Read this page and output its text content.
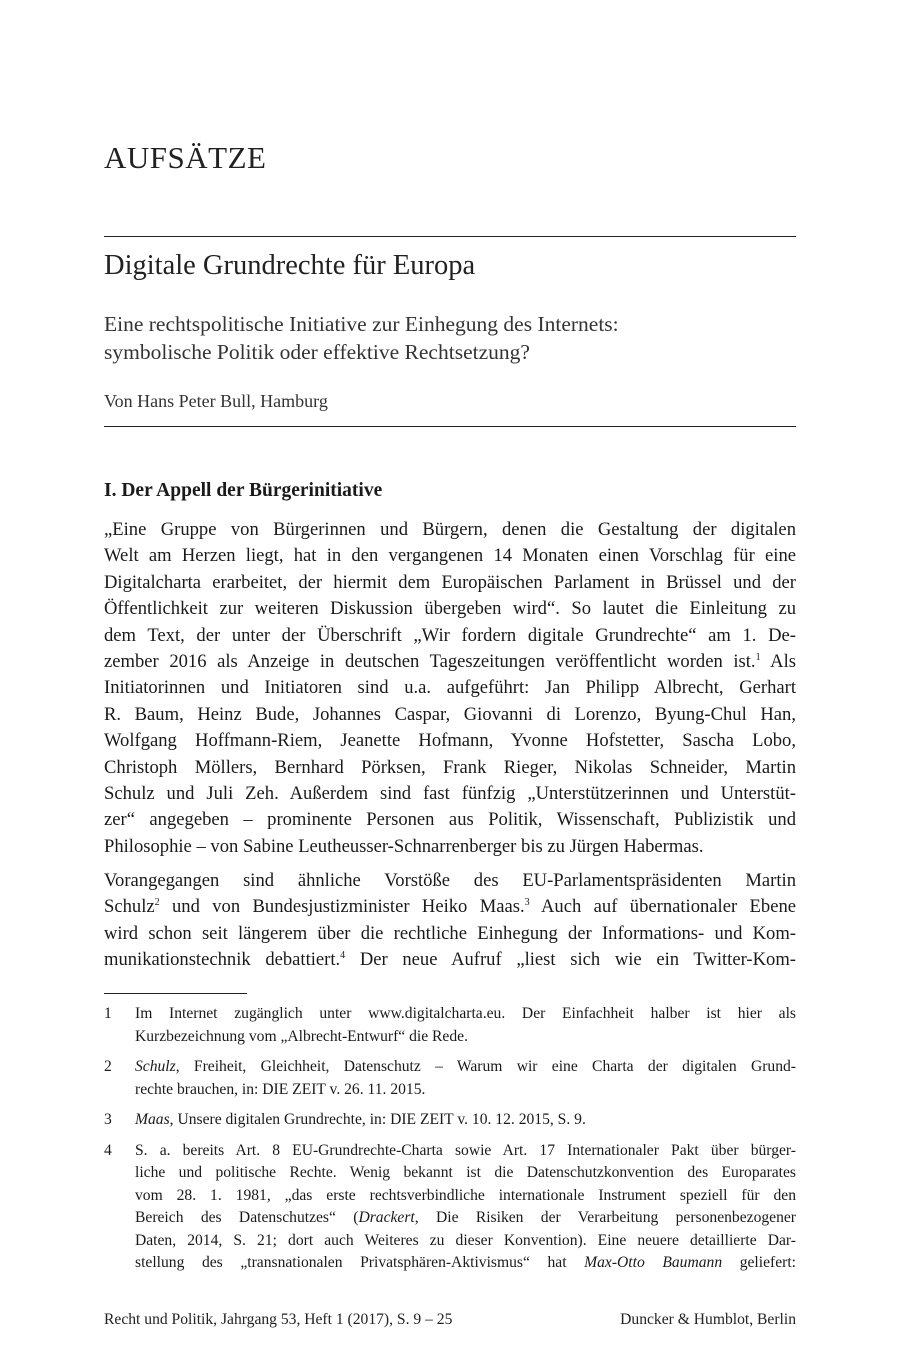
AUFSÄTZE
Digitale Grundrechte für Europa

Eine rechtspolitische Initiative zur Einhegung des Internets:
symbolische Politik oder effektive Rechtsetzung?

Von Hans Peter Bull, Hamburg

I. Der Appell der Bürgerinitiative

„Eine Gruppe von Bürgerinnen und Bürgern, denen die Gestaltung der digitalen
Welt am Herzen liegt, hat in den vergangenen 14 Monaten einen Vorschlag für eine
Digitalcharta erarbeitet, der hiermit dem Europäischen Parlament in Brüssel und der
Öffentlichkeit zur weiteren Diskussion übergeben wird“. So lautet die Einleitung zu
dem Text, der unter der Überschrift „Wir fordern digitale Grundrechte“ am 1. De-
zember 2016 als Anzeige in deutschen Tageszeitungen veröffentlicht worden ist.$^1$ Als
Initiatorinnen und Initiatoren sind u.a. aufgeführt: Jan Philipp Albrecht, Gerhart
R. Baum, Heinz Bude, Johannes Caspar, Giovanni di Lorenzo, Byung-Chul Han,
Wolfgang Hoffmann-Riem, Jeanette Hofmann, Yvonne Hofstetter, Sascha Lobo,
Christoph Möllers, Bernhard Pörksen, Frank Rieger, Nikolas Schneider, Martin
Schulz und Juli Zeh. Außerdem sind fast fünfzig „Unterstützerinnen und Unterstüt-
zer“ angegeben – prominente Personen aus Politik, Wissenschaft, Publizistik und
Philosophie – von Sabine Leutheusser-Schnarrenberger bis zu Jürgen Habermas.

Vorangegangen sind ähnliche Vorstöße des EU-Parlamentspräsidenten Martin
Schulz$^2$ und von Bundesjustizminister Heiko Maas.$^3$ Auch auf übernationaler Ebene
wird schon seit längerem über die rechtliche Einhegung der Informations- und Kom-
munikationstechnik debattiert.$^4$ Der neue Aufruf „liest sich wie ein Twitter-Kom-

1 Im Internet zugänglich unter www.digitalcharta.eu. Der Einfachheit halber ist hier als
Kurzbezeichnung vom „Albrecht-Entwurf“ die Rede.
2 Schulz, Freiheit, Gleichheit, Datenschutz – Warum wir eine Charta der digitalen Grund-
rechte brauchen, in: DIE ZEIT v. 26. 11. 2015.
3 Maas, Unsere digitalen Grundrechte, in: DIE ZEIT v. 10. 12. 2015, S. 9.
4 S. a. bereits Art. 8 EU-Grundrechte-Charta sowie Art. 17 Internationaler Pakt über bürger-
liche und politische Rechte. Wenig bekannt ist die Datenschutzkonvention des Europarates
vom 28. 1. 1981, „das erste rechtsverbindliche internationale Instrument speziell für den
Bereich des Datenschutzes“ (Drackert, Die Risiken der Verarbeitung personenbezogener
Daten, 2014, S. 21; dort auch Weiteres zu dieser Konvention). Eine neuere detaillierte Dar-
stellung des „transnationalen Privatsphären-Aktivismus“ hat Max-Otto Baumann geliefert:
Recht und Politik, Jahrgang 53, Heft 1 (2017), S. 9 – 25	Duncker & Humblot, Berlin
